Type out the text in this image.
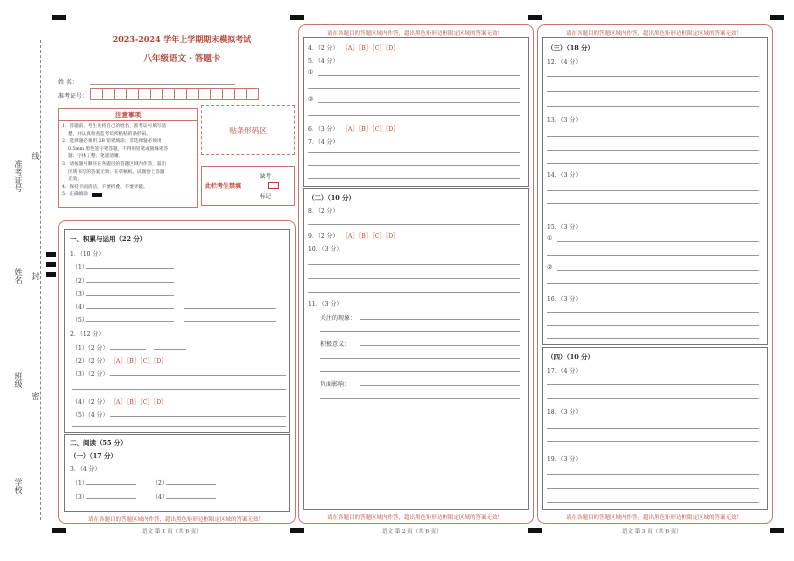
准考证号
线
姓名 封
班级
密
学校
2023-2024 学年上学期期末模拟考试
八年级语文 · 答题卡
姓 名：
准考证号：
注意事项
1．答题前，考生先将自己的姓名，准考证号填写清
楚，并认真检查监考员所粘贴的条形码。
2．选择题必须用 2B 铅笔填涂；非选择题必须用
0.5mm 黑色签字笔答题，不得用铅笔或圆珠笔答
题；字体工整、笔迹清晰。
3．请按题号顺序在各题目的答题区域内作答，超出
区域书写的答案无效；在草稿纸、试题卷上答题
无效。
4．保持卡面清洁，不要折叠、不要弄破。
5．正确填涂
贴条形码区
此栏考生禁填
缺考
标记
一、积累与运用（22 分）
1．（10 分）
（1）
（2）
（3）
（4）
（5）
2．（12 分）
（1）（2 分）
（2）（2 分） ［A］［B］［C］［D］
（3）（2 分）
（4）（2 分） ［A］［B］［C］［D］
（5）（4 分）
二、阅读（55 分）
（一）（17 分）
3．（4 分）
（1）	（2）
（3）	（4）
请在各题目的答题区域内作答，超出黑色矩形边框限定区域的答案无效！
语文 第 1 页（共 6 页）
请在各题目的答题区域内作答，超出黑色矩形边框限定区域的答案无效！
4．（2 分） ［A］［B］［C］［D］
5．（4 分）
①
②
6．（3 分） ［A］［B］［C］［D］
7．（4 分）
（二）（10 分）
8．（2 分）
9．（2 分） ［A］［B］［C］［D］
10．（3 分）
11．（3 分）
关注的现象：
积极意义：
负面影响：
请在各题目的答题区域内作答，超出黑色矩形边框限定区域的答案无效！
语文 第 2 页（共 6 页）
请在各题目的答题区域内作答，超出黑色矩形边框限定区域的答案无效！
（三）（18 分）
12．（4 分）
13．（3 分）
14．（3 分）
15．（3 分）
①
②
16．（3 分）
（四）（10 分）
17．（4 分）
18．（3 分）
19．（3 分）
请在各题目的答题区域内作答，超出黑色矩形边框限定区域的答案无效！
语文 第 3 页（共 6 页）
